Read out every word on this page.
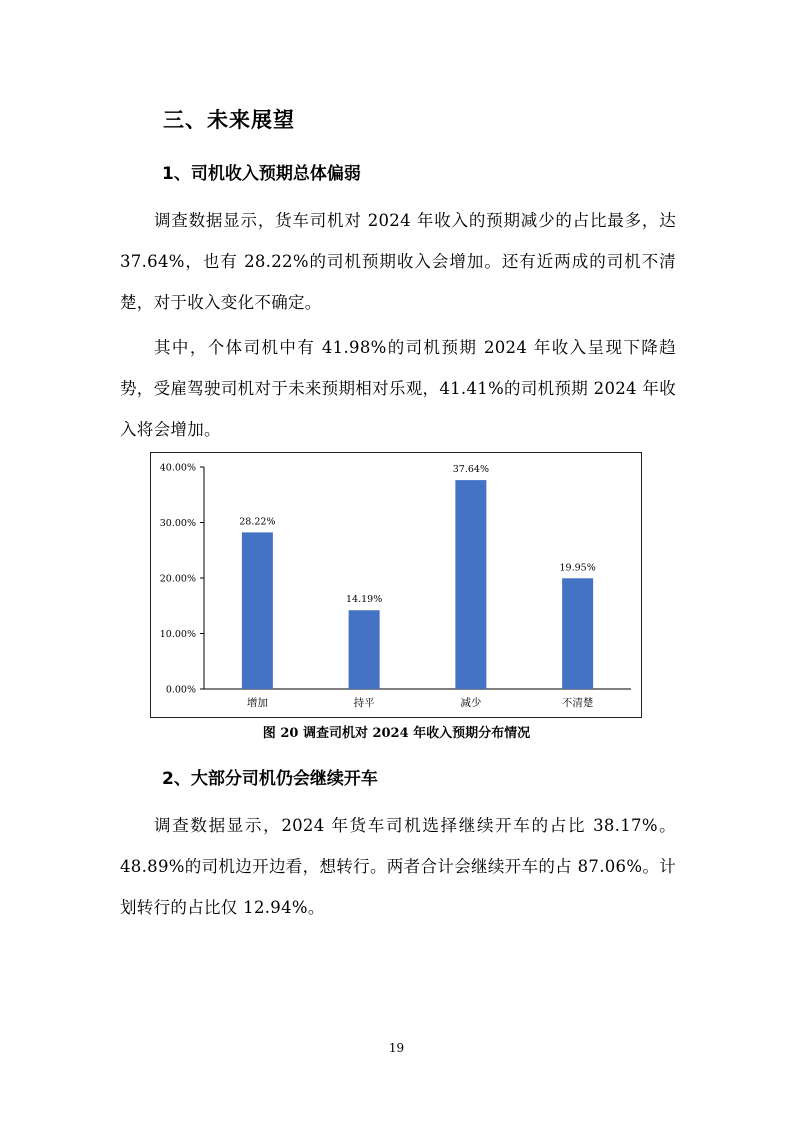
三、未来展望
1、司机收入预期总体偏弱

调查数据显示，货车司机对 2024 年收入的预期减少的占比最多，达 37.64%，也有 28.22%的司机预期收入会增加。还有近两成的司机不清楚，对于收入变化不确定。

其中，个体司机中有 41.98%的司机预期 2024 年收入呈现下降趋势，受雇驾驶司机对于未来预期相对乐观，41.41%的司机预期 2024 年收入将会增加。

0.00%
10.00%
20.00%
30.00%
40.00%
28.22%
14.19%
37.64%
19.95%
增加	持平	减少	不清楚

图 20 调查司机对 2024 年收入预期分布情况

2、大部分司机仍会继续开车

调查数据显示，2024 年货车司机选择继续开车的占比 38.17%。48.89%的司机边开边看，想转行。两者合计会继续开车的占 87.06%。计划转行的占比仅 12.94%。

19
